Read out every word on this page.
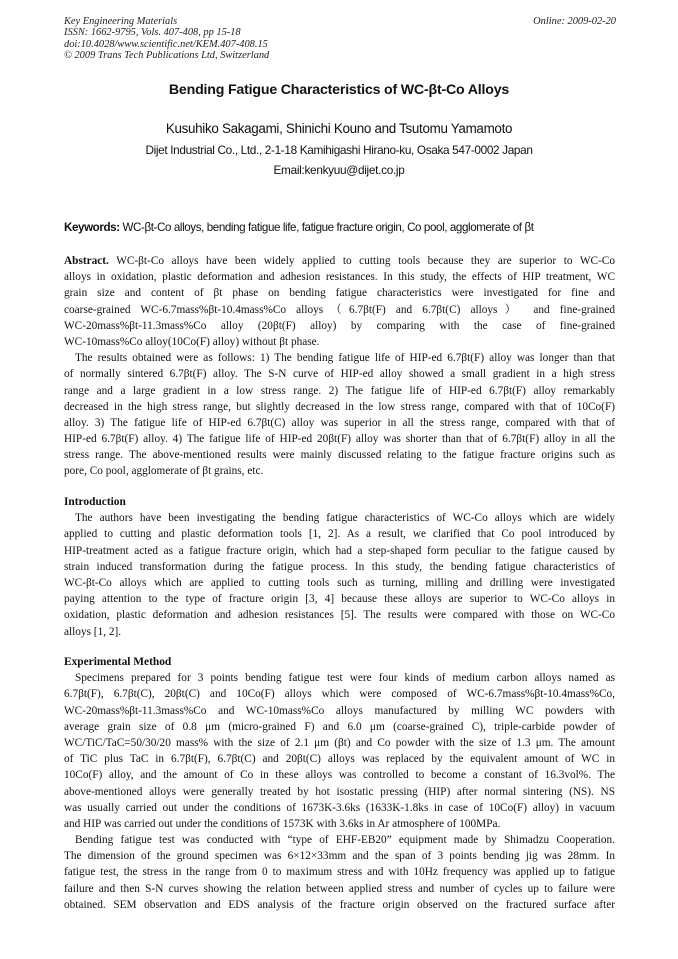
Key Engineering Materials
ISSN: 1662-9795, Vols. 407-408, pp 15-18
doi:10.4028/www.scientific.net/KEM.407-408.15
© 2009 Trans Tech Publications Ltd, Switzerland
Online: 2009-02-20
Bending Fatigue Characteristics of WC-βt-Co Alloys
Kusuhiko Sakagami, Shinichi Kouno and Tsutomu Yamamoto
Dijet Industrial Co., Ltd., 2-1-18 Kamihigashi Hirano-ku, Osaka 547-0002 Japan
Email:kenkyuu@dijet.co.jp
Keywords: WC-βt-Co alloys, bending fatigue life, fatigue fracture origin, Co pool, agglomerate of βt
Abstract. WC-βt-Co alloys have been widely applied to cutting tools because they are superior to WC-Co
alloys in oxidation, plastic deformation and adhesion resistances. In this study, the effects of HIP treatment, WC
grain size and content of βt phase on bending fatigue characteristics were investigated for fine and
coarse-grained WC-6.7mass%βt-10.4mass%Co alloys（6.7βt(F) and 6.7βt(C) alloys） and fine-grained
WC-20mass%βt-11.3mass%Co alloy (20βt(F) alloy) by comparing with the case of fine-grained
WC-10mass%Co alloy(10Co(F) alloy) without βt phase.
The results obtained were as follows: 1) The bending fatigue life of HIP-ed 6.7βt(F) alloy was longer than that
of normally sintered 6.7βt(F) alloy. The S-N curve of HIP-ed alloy showed a small gradient in a high stress
range and a large gradient in a low stress range. 2) The fatigue life of HIP-ed 6.7βt(F) alloy remarkably
decreased in the high stress range, but slightly decreased in the low stress range, compared with that of 10Co(F)
alloy. 3) The fatigue life of HIP-ed 6.7βt(C) alloy was superior in all the stress range, compared with that of
HIP-ed 6.7βt(F) alloy. 4) The fatigue life of HIP-ed 20βt(F) alloy was shorter than that of 6.7βt(F) alloy in all the
stress range. The above-mentioned results were mainly discussed relating to the fatigue fracture origins such as
pore, Co pool, agglomerate of βt grains, etc.
Introduction
The authors have been investigating the bending fatigue characteristics of WC-Co alloys which are widely
applied to cutting and plastic deformation tools [1, 2]. As a result, we clarified that Co pool introduced by
HIP-treatment acted as a fatigue fracture origin, which had a step-shaped form peculiar to the fatigue caused by
strain induced transformation during the fatigue process. In this study, the bending fatigue characteristics of
WC-βt-Co alloys which are applied to cutting tools such as turning, milling and drilling were investigated
paying attention to the type of fracture origin [3, 4] because these alloys are superior to WC-Co alloys in
oxidation, plastic deformation and adhesion resistances [5]. The results were compared with those on WC-Co
alloys [1, 2].
Experimental Method
Specimens prepared for 3 points bending fatigue test were four kinds of medium carbon alloys named as
6.7βt(F), 6.7βt(C), 20βt(C) and 10Co(F) alloys which were composed of WC-6.7mass%βt-10.4mass%Co,
WC-20mass%βt-11.3mass%Co and WC-10mass%Co alloys manufactured by milling WC powders with
average grain size of 0.8 μm (micro-grained F) and 6.0 μm (coarse-grained C), triple-carbide powder of
WC/TiC/TaC=50/30/20 mass% with the size of 2.1 μm (βt) and Co powder with the size of 1.3 μm. The amount
of TiC plus TaC in 6.7βt(F), 6.7βt(C) and 20βt(C) alloys was replaced by the equivalent amount of WC in
10Co(F) alloy, and the amount of Co in these alloys was controlled to become a constant of 16.3vol%. The
above-mentioned alloys were generally treated by hot isostatic pressing (HIP) after normal sintering (NS). NS
was usually carried out under the conditions of 1673K-3.6ks (1633K-1.8ks in case of 10Co(F) alloy) in vacuum
and HIP was carried out under the conditions of 1573K with 3.6ks in Ar atmosphere of 100MPa.
Bending fatigue test was conducted with “type of EHF-EB20” equipment made by Shimadzu Cooperation.
The dimension of the ground specimen was 6×12×33mm and the span of 3 points bending jig was 28mm. In
fatigue test, the stress in the range from 0 to maximum stress and with 10Hz frequency was applied up to fatigue
failure and then S-N curves showing the relation between applied stress and number of cycles up to failure were
obtained. SEM observation and EDS analysis of the fracture origin observed on the fractured surface after
